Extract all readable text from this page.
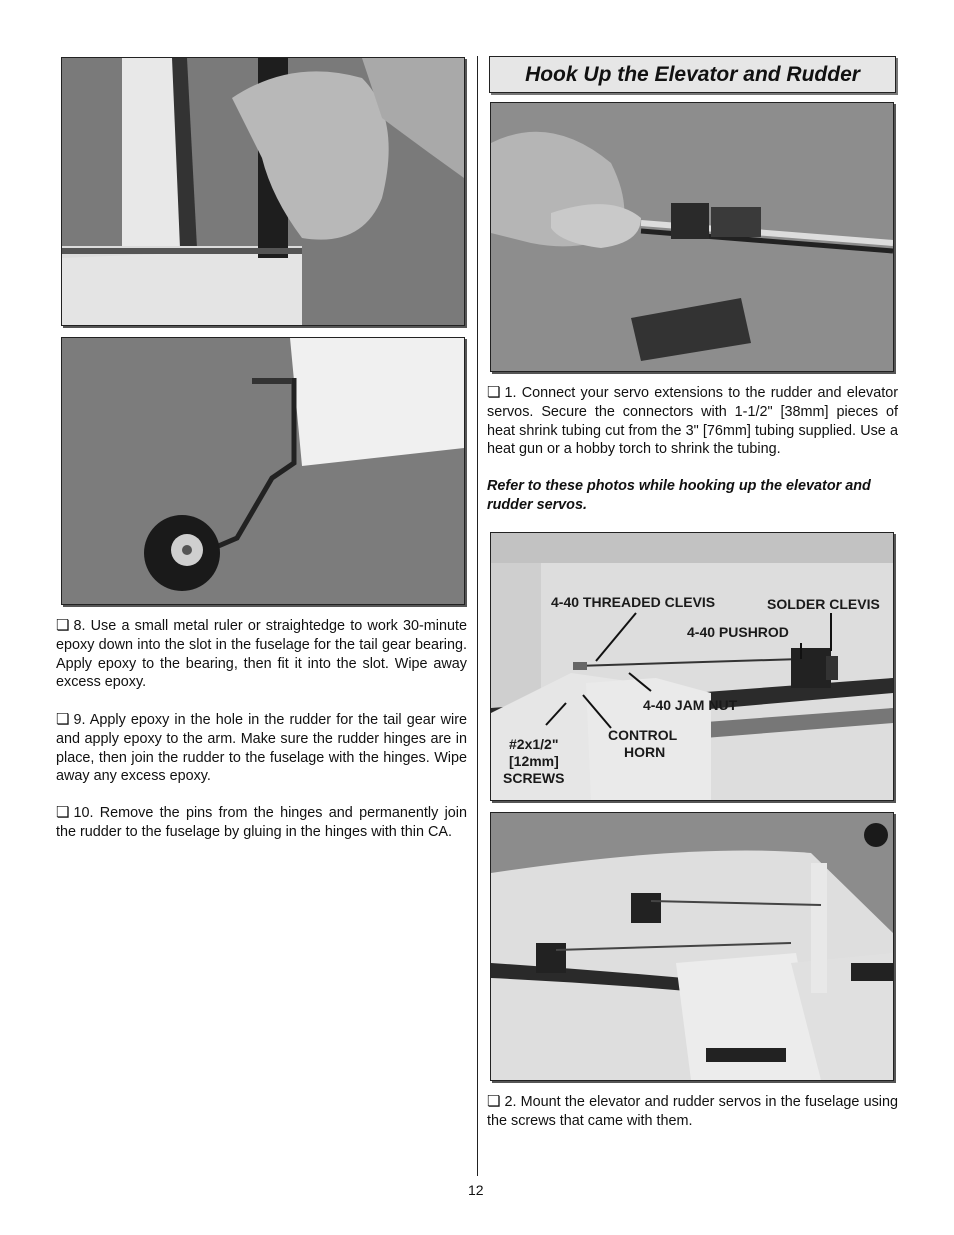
❏ 8. Use a small metal ruler or straightedge to work 30-minute epoxy down into the slot in the fuselage for the tail gear bearing. Apply epoxy to the bearing, then fit it into the slot. Wipe away excess epoxy.
❏ 9. Apply epoxy in the hole in the rudder for the tail gear wire and apply epoxy to the arm. Make sure the rudder hinges are in place, then join the rudder to the fuselage with the hinges. Wipe away any excess epoxy.
❏ 10. Remove the pins from the hinges and permanently join the rudder to the fuselage by gluing in the hinges with thin CA.
Hook Up the Elevator and Rudder
❏ 1. Connect your servo extensions to the rudder and elevator servos. Secure the connectors with 1-1/2" [38mm] pieces of heat shrink tubing cut from the 3" [76mm] tubing supplied. Use a heat gun or a hobby torch to shrink the tubing.
Refer to these photos while hooking up the elevator and rudder servos.
4-40 THREADED CLEVIS	SOLDER CLEVIS
4-40 PUSHROD
4-40 JAM NUT
CONTROL
HORN
#2x1/2"
[12mm]
SCREWS
❏ 2. Mount the elevator and rudder servos in the fuselage using the screws that came with them.
12
